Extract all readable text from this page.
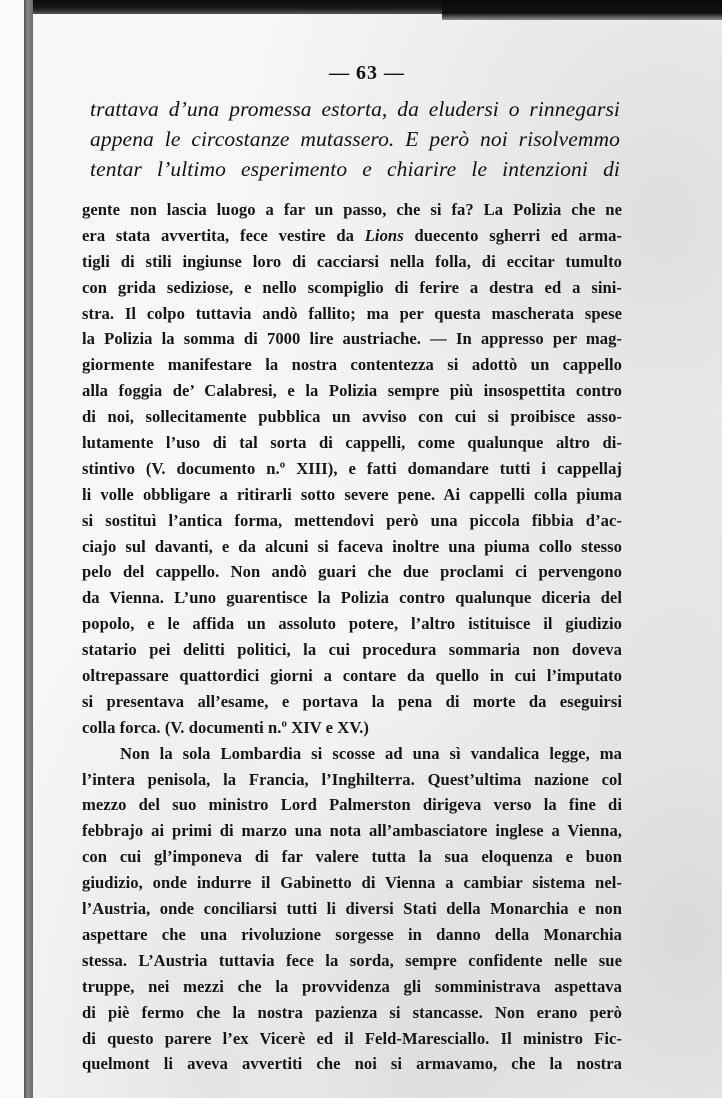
— 63 —
trattava d’una promessa estorta, da eludersi o rinnegarsi
appena le circostanze mutassero. E però noi risolvemmo
tentar l’ultimo esperimento e chiarire le intenzioni di
gente non lascia luogo a far un passo, che si fa? La Polizia che ne
era stata avvertita, fece vestire da Lions duecento sgherri ed arma-
tigli di stili ingiunse loro di cacciarsi nella folla, di eccitar tumulto
con grida sediziose, e nello scompiglio di ferire a destra ed a sini-
stra. Il colpo tuttavia andò fallito; ma per questa mascherata spese
la Polizia la somma di 7000 lire austriache. — In appresso per mag-
giormente manifestare la nostra contentezza si adottò un cappello
alla foggia de’ Calabresi, e la Polizia sempre più insospettita contro
di noi, sollecitamente pubblica un avviso con cui si proibisce asso-
lutamente l’uso di tal sorta di cappelli, come qualunque altro di-
stintivo (V. documento n.º XIII), e fatti domandare tutti i cappellaj
li volle obbligare a ritirarli sotto severe pene. Ai cappelli colla piuma
si sostituì l’antica forma, mettendovi però una piccola fibbia d’ac-
ciajo sul davanti, e da alcuni si faceva inoltre una piuma collo stesso
pelo del cappello. Non andò guari che due proclami ci pervengono
da Vienna. L’uno guarentisce la Polizia contro qualunque diceria del
popolo, e le affida un assoluto potere, l’altro istituisce il giudizio
statario pei delitti politici, la cui procedura sommaria non doveva
oltrepassare quattordici giorni a contare da quello in cui l’imputato
si presentava all’esame, e portava la pena di morte da eseguirsi
colla forca. (V. documenti n.º XIV e XV.)
Non la sola Lombardia si scosse ad una sì vandalica legge, ma
l’intera penisola, la Francia, l’Inghilterra. Quest’ultima nazione col
mezzo del suo ministro Lord Palmerston dirigeva verso la fine di
febbrajo ai primi di marzo una nota all’ambasciatore inglese a Vienna,
con cui gl’imponeva di far valere tutta la sua eloquenza e buon
giudizio, onde indurre il Gabinetto di Vienna a cambiar sistema nel-
l’Austria, onde conciliarsi tutti li diversi Stati della Monarchia e non
aspettare che una rivoluzione sorgesse in danno della Monarchia
stessa. L’Austria tuttavia fece la sorda, sempre confidente nelle sue
truppe, nei mezzi che la provvidenza gli somministrava aspettava
di piè fermo che la nostra pazienza si stancasse. Non erano però
di questo parere l’ex Vicerè ed il Feld-Maresciallo. Il ministro Fic-
quelmont li aveva avvertiti che noi si armavamo, che la nostra
